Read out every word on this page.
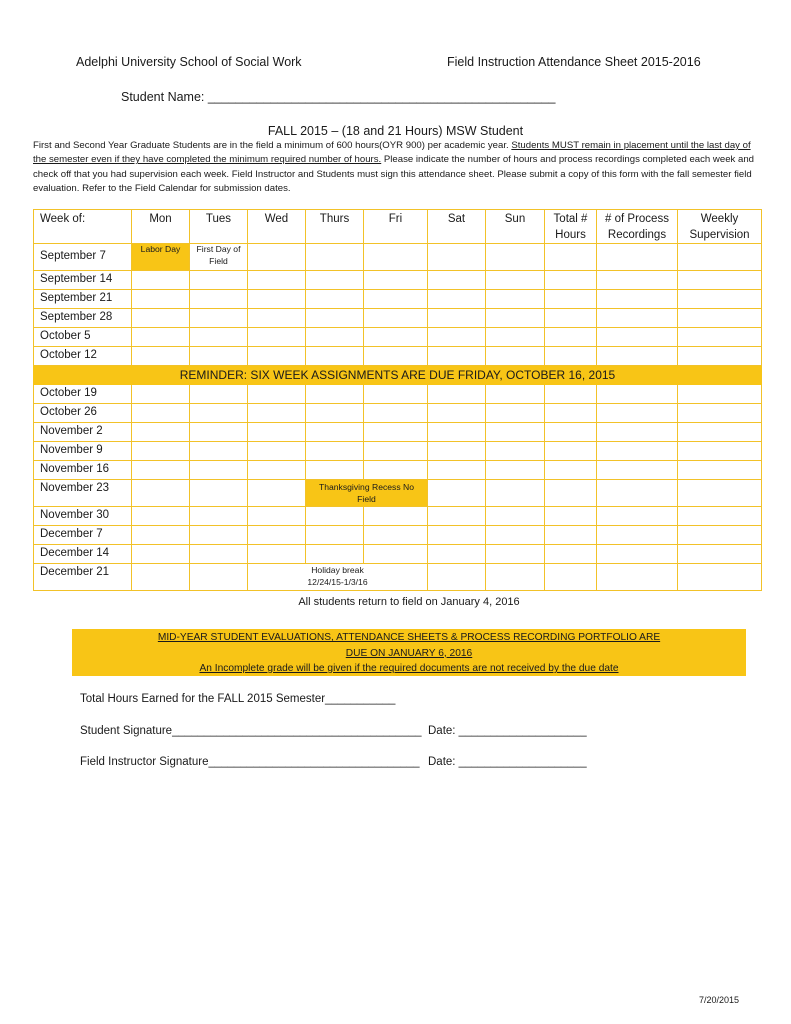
Adelphi University School of Social Work	Field Instruction Attendance Sheet 2015-2016
Student Name: __________________________________________________
FALL 2015 – (18 and 21 Hours) MSW Student
First and Second Year Graduate Students are in the field a minimum of 600 hours(OYR 900) per academic year. Students MUST remain in placement until the last day of the semester even if they have completed the minimum required number of hours. Please indicate the number of hours and process recordings completed each week and check off that you had supervision each week. Field Instructor and Students must sign this attendance sheet. Please submit a copy of this form with the fall semester field evaluation. Refer to the Field Calendar for submission dates.
Week of:	Mon	Tues	Wed	Thurs	Fri	Sat	Sun	Total # Hours	# of Process Recordings	Weekly Supervision
September 7	Labor Day	First Day of Field								
September 14										
September 21										
September 28										
October 5										
October 12										
REMINDER: SIX WEEK ASSIGNMENTS ARE DUE FRIDAY, OCTOBER 16, 2015										
October 19										
October 26										
November 2										
November 9										
November 16										
November 23				Thanksgiving Recess No Field						
November 30										
December 7										
December 14										
December 21			Holiday break 12/24/15-1/3/16							
All students return to field on January 4, 2016
MID-YEAR STUDENT EVALUATIONS, ATTENDANCE SHEETS & PROCESS RECORDING PORTFOLIO ARE
DUE ON JANUARY 6, 2016
An Incomplete grade will be given if the required documents are not received by the due date
Total Hours Earned for the FALL 2015 Semester___________
Student Signature_______________________________________ Date: ____________________
Field Instructor Signature_________________________________ Date: ____________________
7/20/2015
